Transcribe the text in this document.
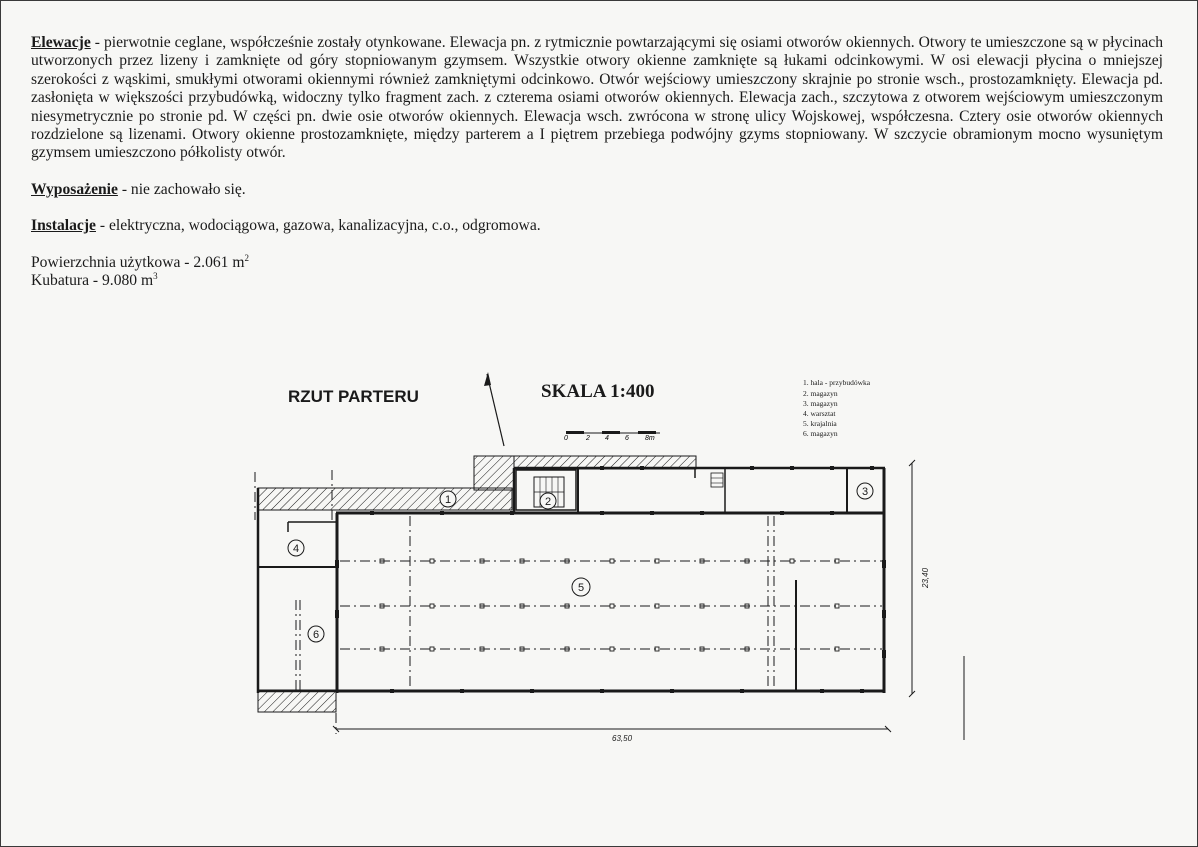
Elewacje - pierwotnie ceglane, współcześnie zostały otynkowane. Elewacja pn. z rytmicznie powtarzającymi się osiami otworów okiennych. Otwory te umieszczone są w płycinach utworzonych przez lizeny i zamknięte od góry stopniowanym gzymsem. Wszystkie otwory okienne zamknięte są łukami odcinkowymi. W osi elewacji płycina o mniejszej szerokości z wąskimi, smukłymi otworami okiennymi również zamkniętymi odcinkowo. Otwór wejściowy umieszczony skrajnie po stronie wsch., prostozamknięty. Elewacja pd. zasłonięta w większości przybudówką, widoczny tylko fragment zach. z czterema osiami otworów okiennych. Elewacja zach., szczytowa z otworem wejściowym umieszczonym niesymetrycznie po stronie pd. W części pn. dwie osie otworów okiennych. Elewacja wsch. zwrócona w stronę ulicy Wojskowej, współczesna. Cztery osie otworów okiennych rozdzielone są lizenami. Otwory okienne prostozamknięte, między parterem a I piętrem przebiega podwójny gzyms stopniowany. W szczycie obramionym mocno wysuniętym gzymsem umieszczono półkolisty otwór.

Wyposażenie - nie zachowało się.

Instalacje - elektryczna, wodociągowa, gazowa, kanalizacyjna, c.o., odgromowa.

Powierzchnia użytkowa - 2.061 $m^2$

Kubatura - 9.080 $m^3$

RZUT PARTERU	SKALA 1:400
0	2 4 6 8m
1. hala - przybudówka
2. magazyn
3. magazyn
4. warsztat
5. krajalnia
6. magazyn
1	2
3
4
5
6
63,50
23,40
